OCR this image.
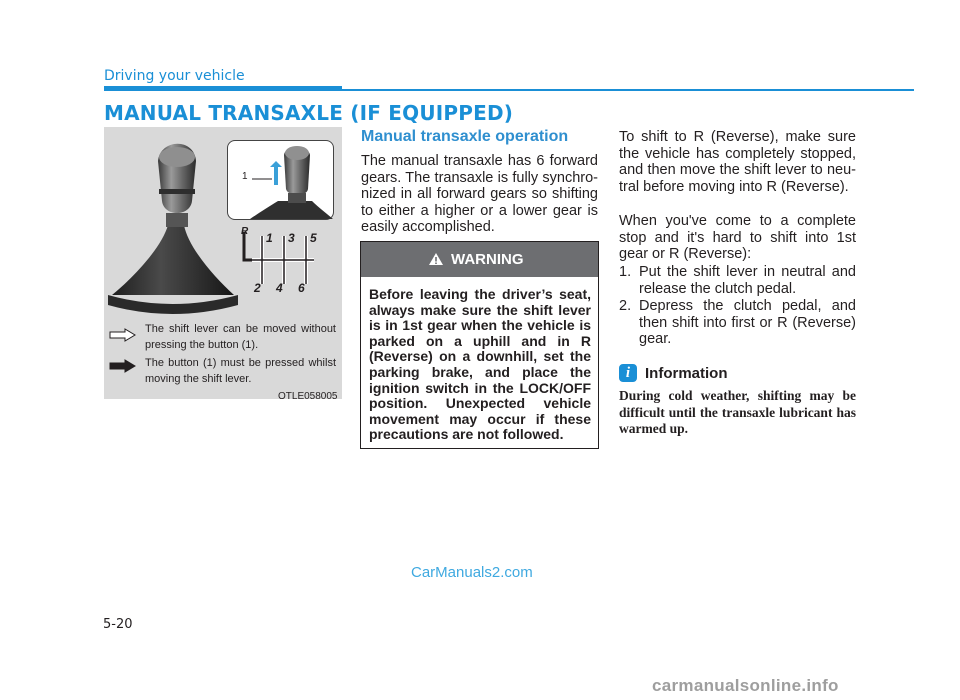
Driving your vehicle
MANUAL TRANSAXLE (IF EQUIPPED)
1
R 1 3 5
2 4 6
The shift lever can be moved without pressing the button (1).
The button (1) must be pressed whilst moving the shift lever.
OTLE058005
Manual transaxle operation
The manual transaxle has 6 forward gears. The transaxle is fully synchro-nized in all forward gears so shifting to either a higher or a lower gear is easily accomplished.
WARNING
Before leaving the driver’s seat, always make sure the shift lever is in 1st gear when the vehicle is parked on a uphill and in R (Reverse) on a downhill, set the parking brake, and place the ignition switch in the LOCK/OFF position. Unexpected vehicle movement may occur if these precautions are not followed.
To shift to R (Reverse), make sure the vehicle has completely stopped, and then move the shift lever to neu-tral before moving into R (Reverse).
When you've come to a complete stop and it's hard to shift into 1st gear or R (Reverse):
1. Put the shift lever in neutral and release the clutch pedal.
2. Depress the clutch pedal, and then shift into first or R (Reverse) gear.
i Information
During cold weather, shifting may be difficult until the transaxle lubricant has warmed up.
CarManuals2.com
5-20
carmanualsonline.info
